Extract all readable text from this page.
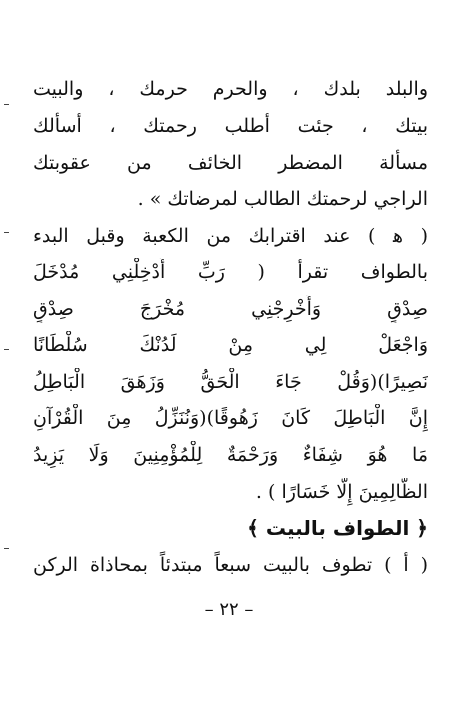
والبلد بلدك ، والحرم حرمك ، والبيت
بيتك ، جئت أطلب رحمتك ، أسألك
مسألة المضطر الخائف من عقوبتك
الراجي لرحمتك الطالب لمرضاتك » .
( ﻫ ) عند اقترابك من الكعبة وقبل البدء
بالطواف تقرأ ( رَبِّ أَدْخِلْنِي مُدْخَلَ
صِدْقٍ وَأَخْرِجْنِي مُخْرَجَ صِدْقٍ
وَاجْعَلْ لِي مِنْ لَدُنْكَ سُلْطَانًا
نَصِيرًا)(وَقُلْ جَاءَ الْحَقُّ وَزَهَقَ الْبَاطِلُ
إِنَّ الْبَاطِلَ كَانَ زَهُوقًا)(وَنُنَزِّلُ مِنَ الْقُرْآنِ
مَا هُوَ شِفَاءٌ وَرَحْمَةٌ لِلْمُؤْمِنِينَ وَلَا يَزِيدُ
الظَّالِمِينَ إِلَّا خَسَارًا ) .
﴿ الطواف بالبيت ﴾
( أ ) تطوف بالبيت سبعاً مبتدئاً بمحاذاة الركن
– ٢٢ –
